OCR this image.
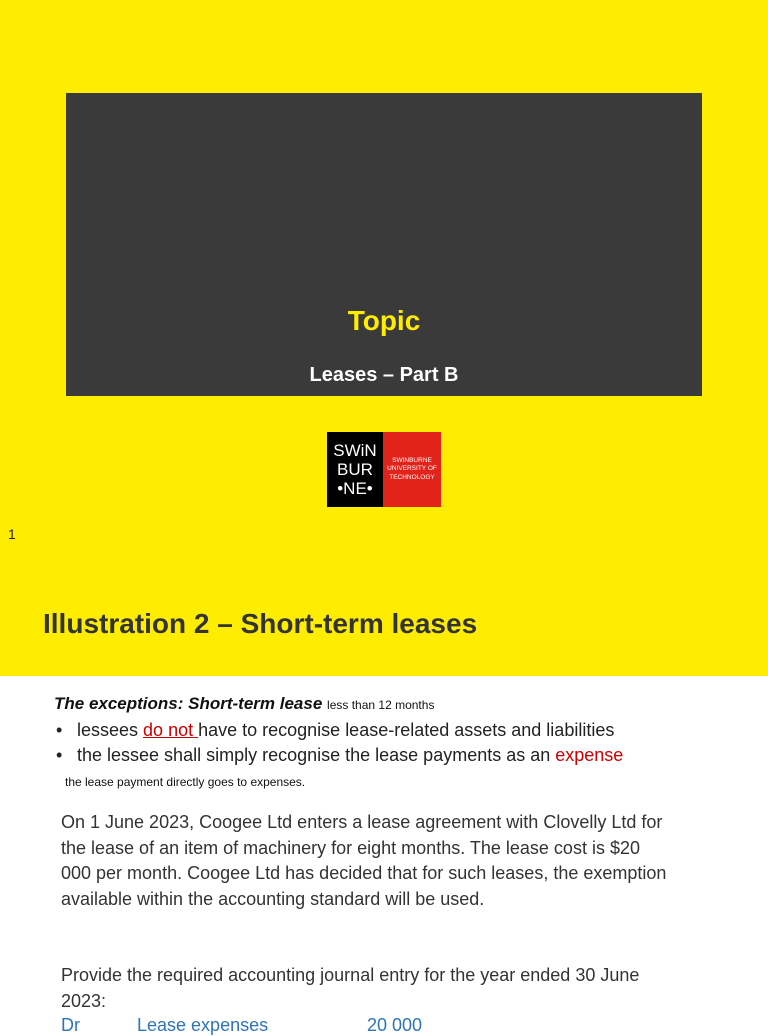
Topic
Leases – Part B
SWiN
BUR
•NE•
SWINBURNE
UNIVERSITY OF
TECHNOLOGY
1
Illustration 2 – Short-term leases
The exceptions: Short-term lease less than 12 months
• lessees do not have to recognise lease-related assets and liabilities
• the lessee shall simply recognise the lease payments as an expense
the lease payment directly goes to expenses.
On 1 June 2023, Coogee Ltd enters a lease agreement with Clovelly Ltd for the lease of an item of machinery for eight months. The lease cost is $20 000 per month. Coogee Ltd has decided that for such leases, the exemption available within the accounting standard will be used.
Provide the required accounting journal entry for the year ended 30 June 2023:
Dr	Lease expenses	20 000
